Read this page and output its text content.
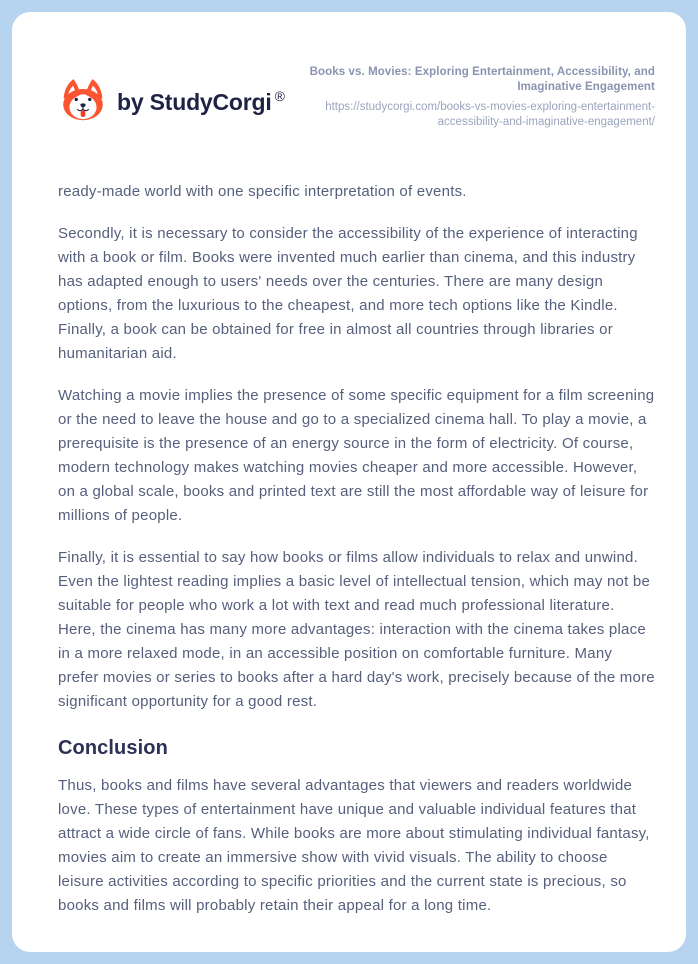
by StudyCorgi ®
Books vs. Movies: Exploring Entertainment, Accessibility, and Imaginative Engagement
https://studycorgi.com/books-vs-movies-exploring-entertainment-accessibility-and-imaginative-engagement/

ready-made world with one specific interpretation of events.

Secondly, it is necessary to consider the accessibility of the experience of interacting with a book or film. Books were invented much earlier than cinema, and this industry has adapted enough to users' needs over the centuries. There are many design options, from the luxurious to the cheapest, and more tech options like the Kindle. Finally, a book can be obtained for free in almost all countries through libraries or humanitarian aid.

Watching a movie implies the presence of some specific equipment for a film screening or the need to leave the house and go to a specialized cinema hall. To play a movie, a prerequisite is the presence of an energy source in the form of electricity. Of course, modern technology makes watching movies cheaper and more accessible. However, on a global scale, books and printed text are still the most affordable way of leisure for millions of people.

Finally, it is essential to say how books or films allow individuals to relax and unwind. Even the lightest reading implies a basic level of intellectual tension, which may not be suitable for people who work a lot with text and read much professional literature. Here, the cinema has many more advantages: interaction with the cinema takes place in a more relaxed mode, in an accessible position on comfortable furniture. Many prefer movies or series to books after a hard day's work, precisely because of the more significant opportunity for a good rest.

Conclusion

Thus, books and films have several advantages that viewers and readers worldwide love. These types of entertainment have unique and valuable individual features that attract a wide circle of fans. While books are more about stimulating individual fantasy, movies aim to create an immersive show with vivid visuals. The ability to choose leisure activities according to specific priorities and the current state is precious, so books and films will probably retain their appeal for a long time.
